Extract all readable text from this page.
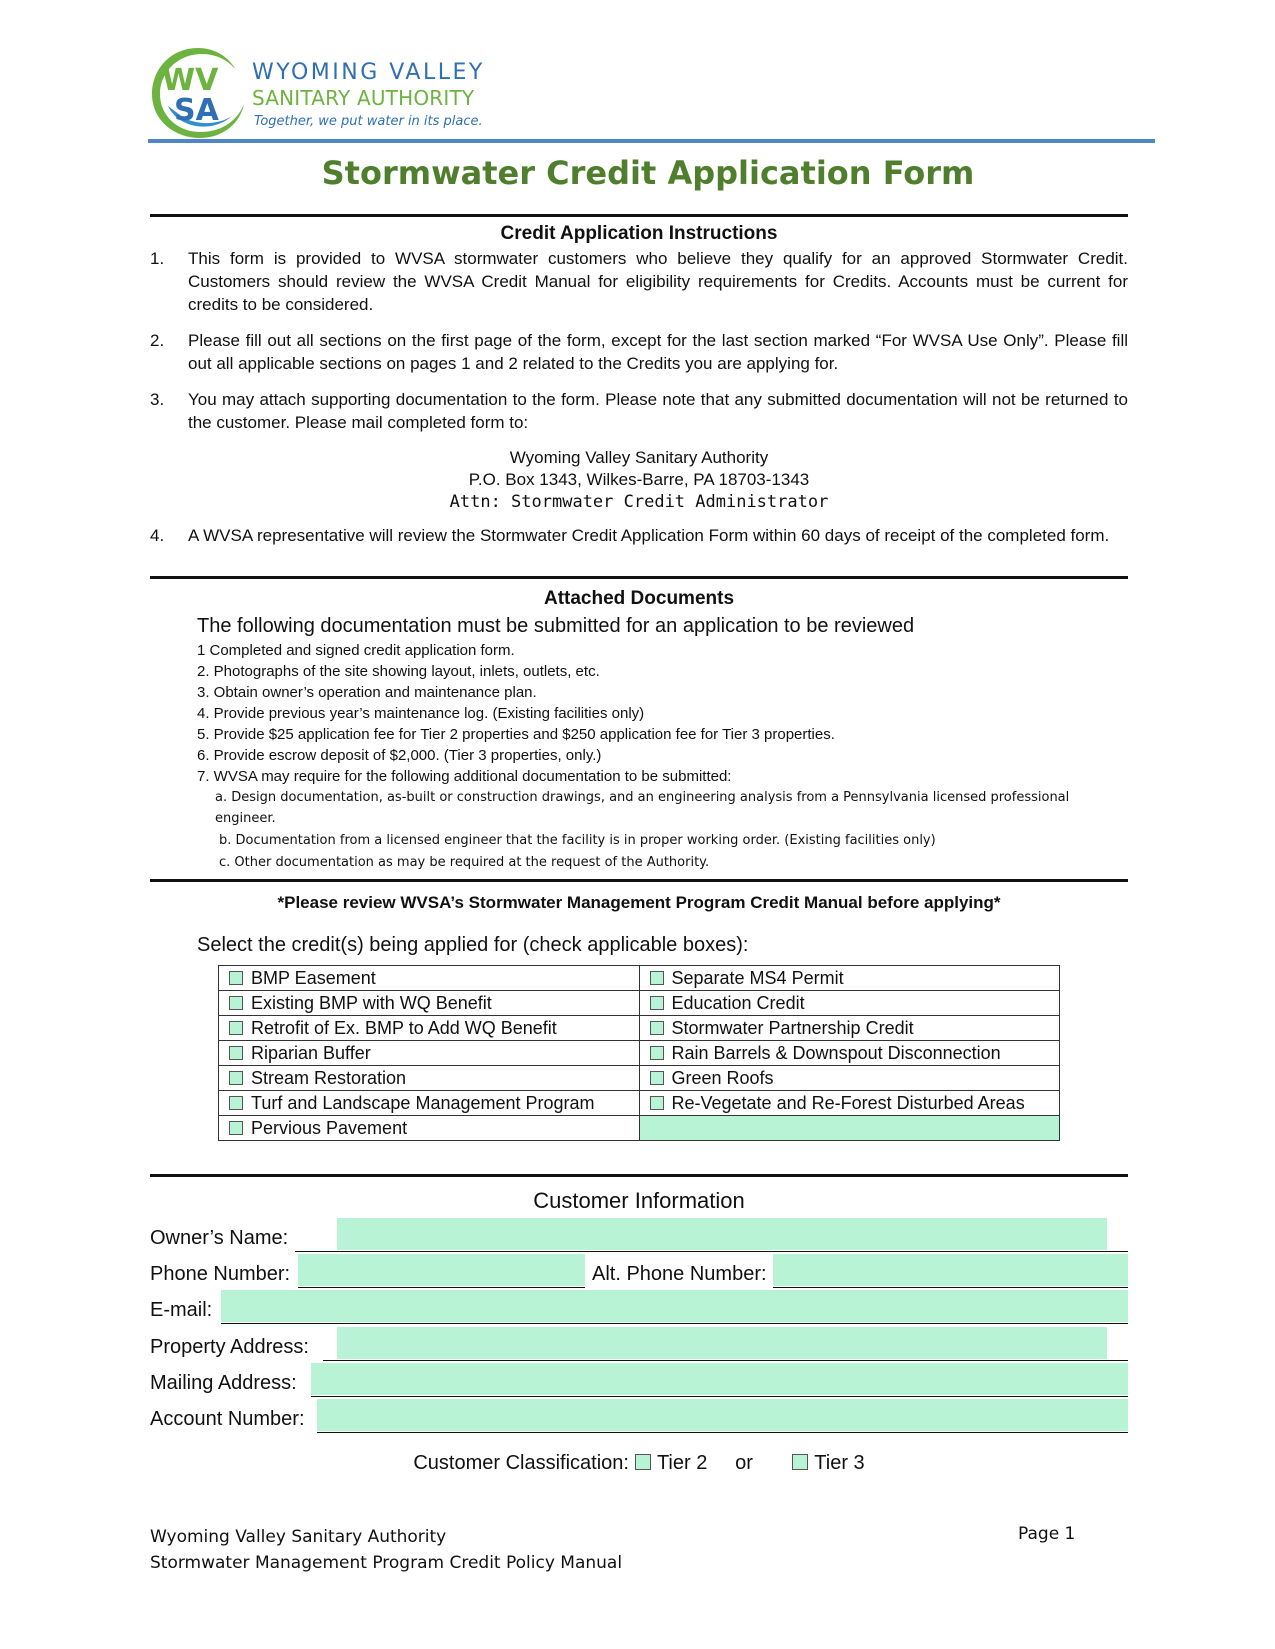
WV
SA
WYOMING VALLEY
SANITARY AUTHORITY
Together, we put water in its place.
Stormwater Credit Application Form
Credit Application Instructions
1. This form is provided to WVSA stormwater customers who believe they qualify for an approved Stormwater Credit. Customers should review the WVSA Credit Manual for eligibility requirements for Credits. Accounts must be current for credits to be considered.
2. Please fill out all sections on the first page of the form, except for the last section marked “For WVSA Use Only”. Please fill out all applicable sections on pages 1 and 2 related to the Credits you are applying for.
3. You may attach supporting documentation to the form. Please note that any submitted documentation will not be returned to the customer. Please mail completed form to:
Wyoming Valley Sanitary Authority
P.O. Box 1343, Wilkes-Barre, PA 18703-1343
Attn: Stormwater Credit Administrator
4. A WVSA representative will review the Stormwater Credit Application Form within 60 days of receipt of the completed form.
Attached Documents
The following documentation must be submitted for an application to be reviewed
1 Completed and signed credit application form.
2. Photographs of the site showing layout, inlets, outlets, etc.
3. Obtain owner’s operation and maintenance plan.
4. Provide previous year’s maintenance log. (Existing facilities only)
5. Provide $25 application fee for Tier 2 properties and $250 application fee for Tier 3 properties.
6. Provide escrow deposit of $2,000. (Tier 3 properties, only.)
7. WVSA may require for the following additional documentation to be submitted:
a. Design documentation, as-built or construction drawings, and an engineering analysis from a Pennsylvania licensed professional engineer.
b. Documentation from a licensed engineer that the facility is in proper working order. (Existing facilities only)
c. Other documentation as may be required at the request of the Authority.
*Please review WVSA’s Stormwater Management Program Credit Manual before applying*
Select the credit(s) being applied for (check applicable boxes):
BMP Easement	Separate MS4 Permit
Existing BMP with WQ Benefit	Education Credit
Retrofit of Ex. BMP to Add WQ Benefit	Stormwater Partnership Credit
Riparian Buffer	Rain Barrels & Downspout Disconnection
Stream Restoration	Green Roofs
Turf and Landscape Management Program	Re-Vegetate and Re-Forest Disturbed Areas
Pervious Pavement	
Customer Information
Owner’s Name:
Phone Number:	Alt. Phone Number:
E-mail:
Property Address:
Mailing Address:
Account Number:
Customer Classification: Tier 2 or	Tier 3
Wyoming Valley Sanitary Authority
Stormwater Management Program Credit Policy Manual
Page 1
